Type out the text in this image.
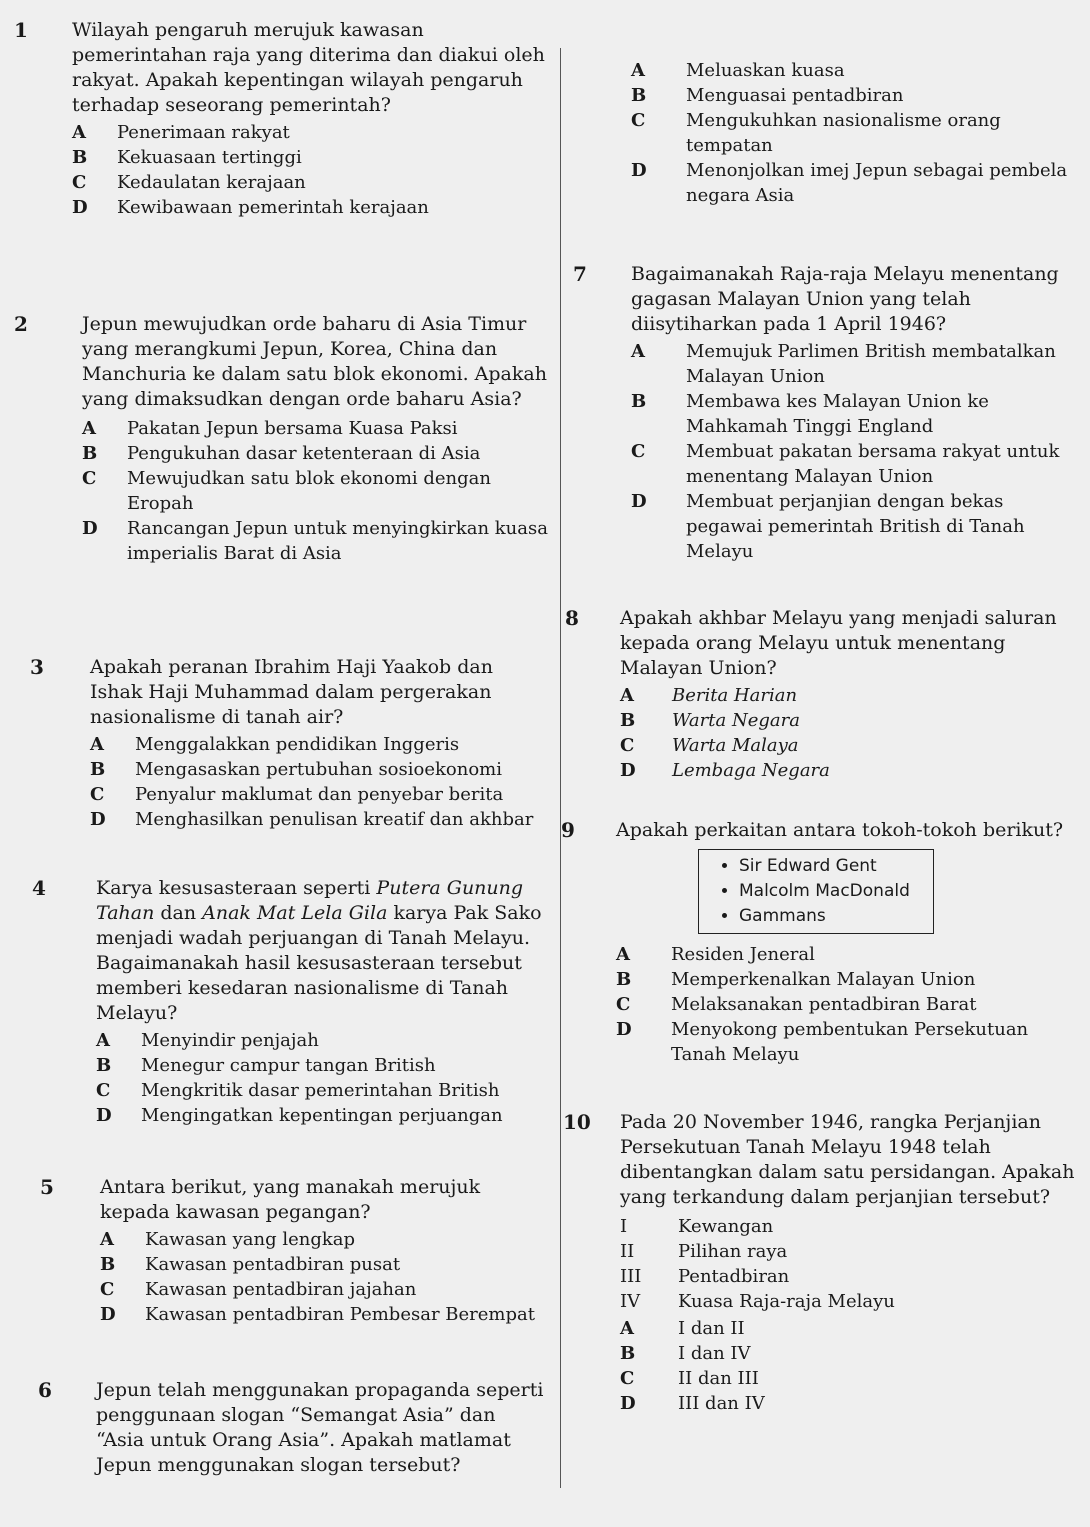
1 Wilayah pengaruh merujuk kawasan pemerintahan raja yang diterima dan diakui oleh rakyat. Apakah kepentingan wilayah pengaruh terhadap seseorang pemerintah?
A	Penerimaan rakyat
B	Kekuasaan tertinggi
C	Kedaulatan kerajaan
D	Kewibawaan pemerintah kerajaan
2	Jepun mewujudkan orde baharu di Asia Timur yang merangkumi Jepun, Korea, China dan Manchuria ke dalam satu blok ekonomi. Apakah yang dimaksudkan dengan orde baharu Asia?
A	Pakatan Jepun bersama Kuasa Paksi
B	Pengukuhan dasar ketenteraan di Asia
C	Mewujudkan satu blok ekonomi dengan Eropah
D	Rancangan Jepun untuk menyingkirkan kuasa imperialis Barat di Asia
3 Apakah peranan Ibrahim Haji Yaakob dan Ishak Haji Muhammad dalam pergerakan nasionalisme di tanah air?
A	Menggalakkan pendidikan Inggeris
B	Mengasaskan pertubuhan sosioekonomi
C	Penyalur maklumat dan penyebar berita
D	Menghasilkan penulisan kreatif dan akhbar
4	Karya kesusasteraan seperti Putera Gunung Tahan dan Anak Mat Lela Gila karya Pak Sako menjadi wadah perjuangan di Tanah Melayu. Bagaimanakah hasil kesusasteraan tersebut memberi kesedaran nasionalisme di Tanah Melayu?
A	Menyindir penjajah
B	Menegur campur tangan British
C	Mengkritik dasar pemerintahan British
D	Mengingatkan kepentingan perjuangan
5 Antara berikut, yang manakah merujuk kepada kawasan pegangan?
A	Kawasan yang lengkap
B	Kawasan pentadbiran pusat
C	Kawasan pentadbiran jajahan
D	Kawasan pentadbiran Pembesar Berempat
6 Jepun telah menggunakan propaganda seperti penggunaan slogan “Semangat Asia” dan “Asia untuk Orang Asia”. Apakah matlamat Jepun menggunakan slogan tersebut?
A	Meluaskan kuasa
B	Menguasai pentadbiran
C	Mengukuhkan nasionalisme orang tempatan
D	Menonjolkan imej Jepun sebagai pembela negara Asia
7 Bagaimanakah Raja-raja Melayu menentang gagasan Malayan Union yang telah diisytiharkan pada 1 April 1946?
A	Memujuk Parlimen British membatalkan Malayan Union
B	Membawa kes Malayan Union ke Mahkamah Tinggi England
C	Membuat pakatan bersama rakyat untuk menentang Malayan Union
D	Membuat perjanjian dengan bekas pegawai pemerintah British di Tanah Melayu
8 Apakah akhbar Melayu yang menjadi saluran kepada orang Melayu untuk menentang Malayan Union?
A	Berita Harian
B	Warta Negara
C	Warta Malaya
D	Lembaga Negara
9 Apakah perkaitan antara tokoh-tokoh berikut?
• Sir Edward Gent
• Malcolm MacDonald
• Gammans
A	Residen Jeneral
B	Memperkenalkan Malayan Union
C	Melaksanakan pentadbiran Barat
D	Menyokong pembentukan Persekutuan Tanah Melayu
10 Pada 20 November 1946, rangka Perjanjian Persekutuan Tanah Melayu 1948 telah dibentangkan dalam satu persidangan. Apakah yang terkandung dalam perjanjian tersebut?
I	Kewangan
II	Pilihan raya
III	Pentadbiran
IV	Kuasa Raja-raja Melayu
A	I dan II
B	I dan IV
C	II dan III
D	III dan IV
